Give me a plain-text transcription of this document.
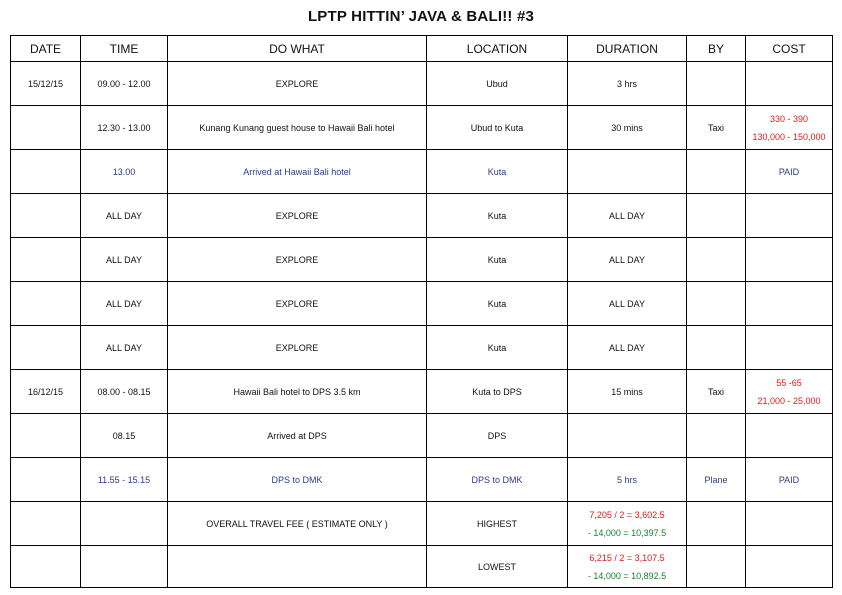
LPTP HITTIN’ JAVA & BALI!! #3
DATE	TIME	DO WHAT	LOCATION	DURATION	BY	COST
15/12/15	09.00 - 12.00	EXPLORE	Ubud	3 hrs		

	12.30 - 13.00	Kunang Kunang guest house to Hawaii Bali hotel	Ubud to Kuta	30 mins	Taxi	330 - 390
130,000 - 150,000

	13.00	Arrived at Hawaii Bali hotel	Kuta			PAID
	ALL DAY	EXPLORE	Kuta	ALL DAY		
	ALL DAY	EXPLORE	Kuta	ALL DAY		
	ALL DAY	EXPLORE	Kuta	ALL DAY		
	ALL DAY	EXPLORE	Kuta	ALL DAY		
16/12/15	08.00 - 08.15	Hawaii Bali hotel to DPS 3.5 km	Kuta to DPS	15 mins	Taxi	55 -65
21,000 - 25,000

	08.15	Arrived at DPS	DPS			
	11.55 - 15.15	DPS to DMK	DPS to DMK	5 hrs	Plane	PAID
		OVERALL TRAVEL FEE ( ESTIMATE ONLY )	HIGHEST	7,205 / 2 = 3,602.5
- 14,000 = 10,397.5		

			LOWEST	6,215 / 2 = 3,107.5
- 14,000 = 10,892.5		
